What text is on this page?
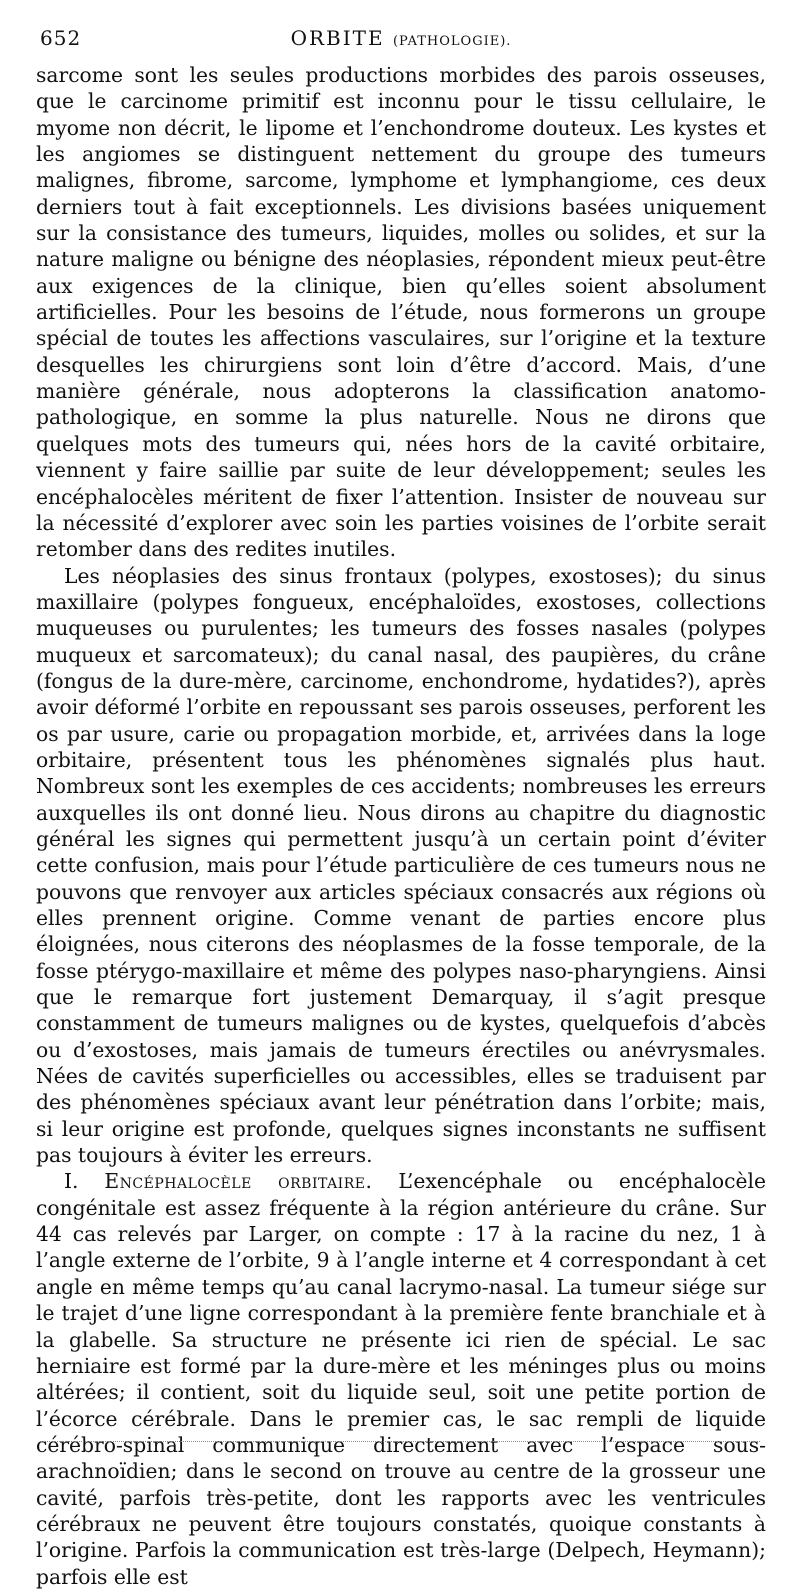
652	ORBITE (PATHOLOGIE).

sarcome sont les seules productions morbides des parois osseuses, que le carcinome primitif est inconnu pour le tissu cellulaire, le myome non décrit, le lipome et l’enchondrome douteux. Les kystes et les angiomes se distinguent nettement du groupe des tumeurs malignes, fibrome, sarcome, lymphome et lymphangiome, ces deux derniers tout à fait exceptionnels. Les divisions basées uniquement sur la consistance des tumeurs, liquides, molles ou solides, et sur la nature maligne ou bénigne des néoplasies, répondent mieux peut-être aux exigences de la clinique, bien qu’elles soient absolument artificielles. Pour les besoins de l’étude, nous formerons un groupe spécial de toutes les affections vasculaires, sur l’origine et la texture desquelles les chirurgiens sont loin d’être d’accord. Mais, d’une manière générale, nous adopterons la classification anatomo-pathologique, en somme la plus naturelle. Nous ne dirons que quelques mots des tumeurs qui, nées hors de la cavité orbitaire, viennent y faire saillie par suite de leur développement; seules les encéphalocèles méritent de fixer l’attention. Insister de nouveau sur la nécessité d’explorer avec soin les parties voisines de l’orbite serait retomber dans des redites inutiles.

Les néoplasies des sinus frontaux (polypes, exostoses); du sinus maxillaire (polypes fongueux, encéphaloïdes, exostoses, collections muqueuses ou purulentes; les tumeurs des fosses nasales (polypes muqueux et sarcomateux); du canal nasal, des paupières, du crâne (fongus de la dure-mère, carcinome, enchondrome, hydatides?), après avoir déformé l’orbite en repoussant ses parois osseuses, perforent les os par usure, carie ou propagation morbide, et, arrivées dans la loge orbitaire, présentent tous les phénomènes signalés plus haut. Nombreux sont les exemples de ces accidents; nombreuses les erreurs auxquelles ils ont donné lieu. Nous dirons au chapitre du diagnostic général les signes qui permettent jusqu’à un certain point d’éviter cette confusion, mais pour l’étude particulière de ces tumeurs nous ne pouvons que renvoyer aux articles spéciaux consacrés aux régions où elles prennent origine. Comme venant de parties encore plus éloignées, nous citerons des néoplasmes de la fosse temporale, de la fosse ptérygo-maxillaire et même des polypes naso-pharyngiens. Ainsi que le remarque fort justement Demarquay, il s’agit presque constamment de tumeurs malignes ou de kystes, quelquefois d’abcès ou d’exostoses, mais jamais de tumeurs érectiles ou anévrysmales. Nées de cavités superficielles ou accessibles, elles se traduisent par des phénomènes spéciaux avant leur pénétration dans l’orbite; mais, si leur origine est profonde, quelques signes inconstants ne suffisent pas toujours à éviter les erreurs.

I. Encéphalocèle orbitaire. L’exencéphale ou encéphalocèle congénitale est assez fréquente à la région antérieure du crâne. Sur 44 cas relevés par Larger, on compte : 17 à la racine du nez, 1 à l’angle externe de l’orbite, 9 à l’angle interne et 4 correspondant à cet angle en même temps qu’au canal lacrymo-nasal. La tumeur siége sur le trajet d’une ligne correspondant à la première fente branchiale et à la glabelle. Sa structure ne présente ici rien de spécial. Le sac herniaire est formé par la dure-mère et les méninges plus ou moins altérées; il contient, soit du liquide seul, soit une petite portion de l’écorce cérébrale. Dans le premier cas, le sac rempli de liquide cérébro-spinal communique directement avec l’espace sous-arachnoïdien; dans le second on trouve au centre de la grosseur une cavité, parfois très-petite, dont les rapports avec les ventricules cérébraux ne peuvent être toujours constatés, quoique constants à l’origine. Parfois la communication est très-large (Delpech, Heymann); parfois elle est
